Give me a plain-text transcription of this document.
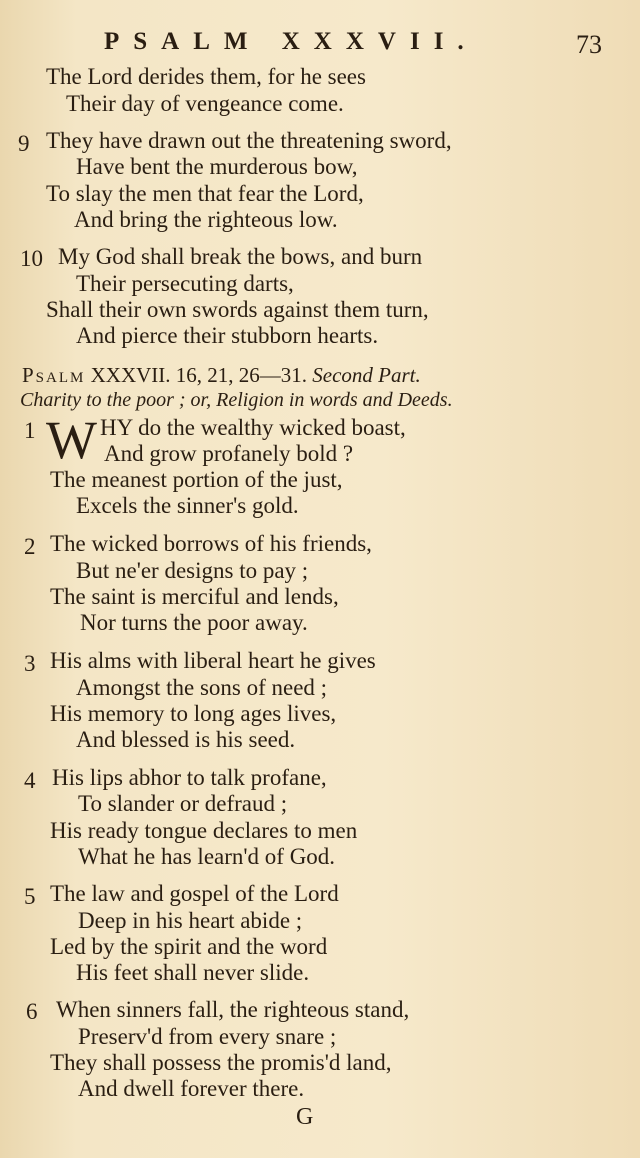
PSALM XXXVII.	73
The Lord derides them, for he sees
Their day of vengeance come.
9 They have drawn out the threatening sword,
Have bent the murderous bow,
To slay the men that fear the Lord,
And bring the righteous low.
10 My God shall break the bows, and burn
Their persecuting darts,
Shall their own swords against them turn,
And pierce their stubborn hearts.
Psalm XXXVII. 16, 21, 26—31. Second Part.
Charity to the poor ; or, Religion in words and Deeds.
1 W HY do the wealthy wicked boast,
And grow profanely bold ?
The meanest portion of the just,
Excels the sinner's gold.
2 The wicked borrows of his friends,
But ne'er designs to pay ;
The saint is merciful and lends,
Nor turns the poor away.
3 His alms with liberal heart he gives
Amongst the sons of need ;
His memory to long ages lives,
And blessed is his seed.
4 His lips abhor to talk profane,
To slander or defraud ;
His ready tongue declares to men
What he has learn'd of God.
5 The law and gospel of the Lord
Deep in his heart abide ;
Led by the spirit and the word
His feet shall never slide.
6 When sinners fall, the righteous stand,
Preserv'd from every snare ;
They shall possess the promis'd land,
And dwell forever there.
G
